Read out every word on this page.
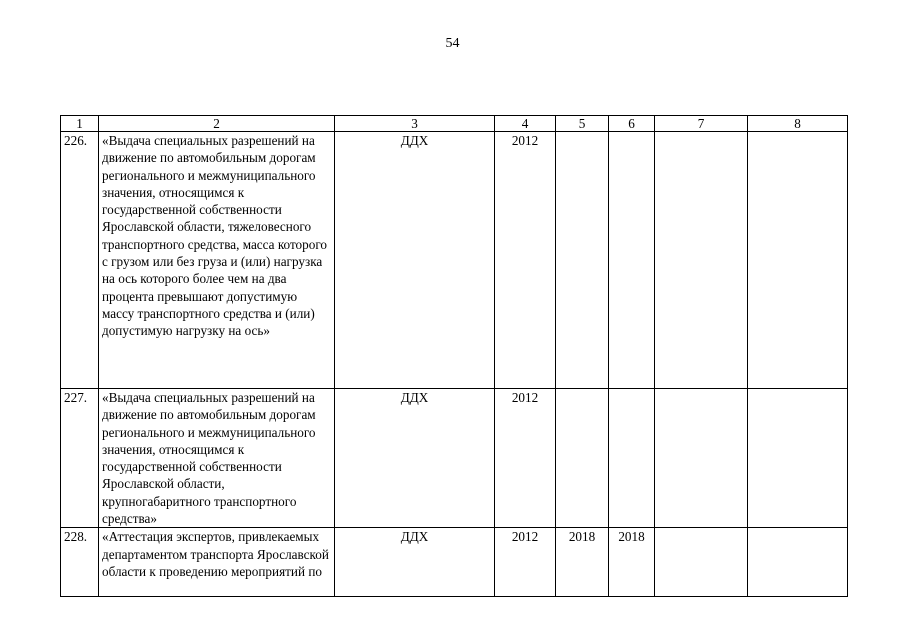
54
1	2	3	4	5	6	7	8
226.	«Выдача специальных разрешений на движение по автомобильным дорогам регионального и межмуниципального значения, относящимся к государственной собственности Ярославской области, тяжеловесного транспортного средства, масса которого с грузом или без груза и (или) нагрузка на ось которого более чем на два процента превышают допустимую массу транспортного средства и (или) допустимую нагрузку на ось»	ДДХ	2012				
227.	«Выдача специальных разрешений на движение по автомобильным дорогам регионального и межмуниципального значения, относящимся к государственной собственности Ярославской области, крупногабаритного транспортного средства»	ДДХ	2012				
228.	«Аттестация экспертов, привлекаемых департаментом транспорта Ярославской области к проведению мероприятий по	ДДХ	2012	2018	2018		
